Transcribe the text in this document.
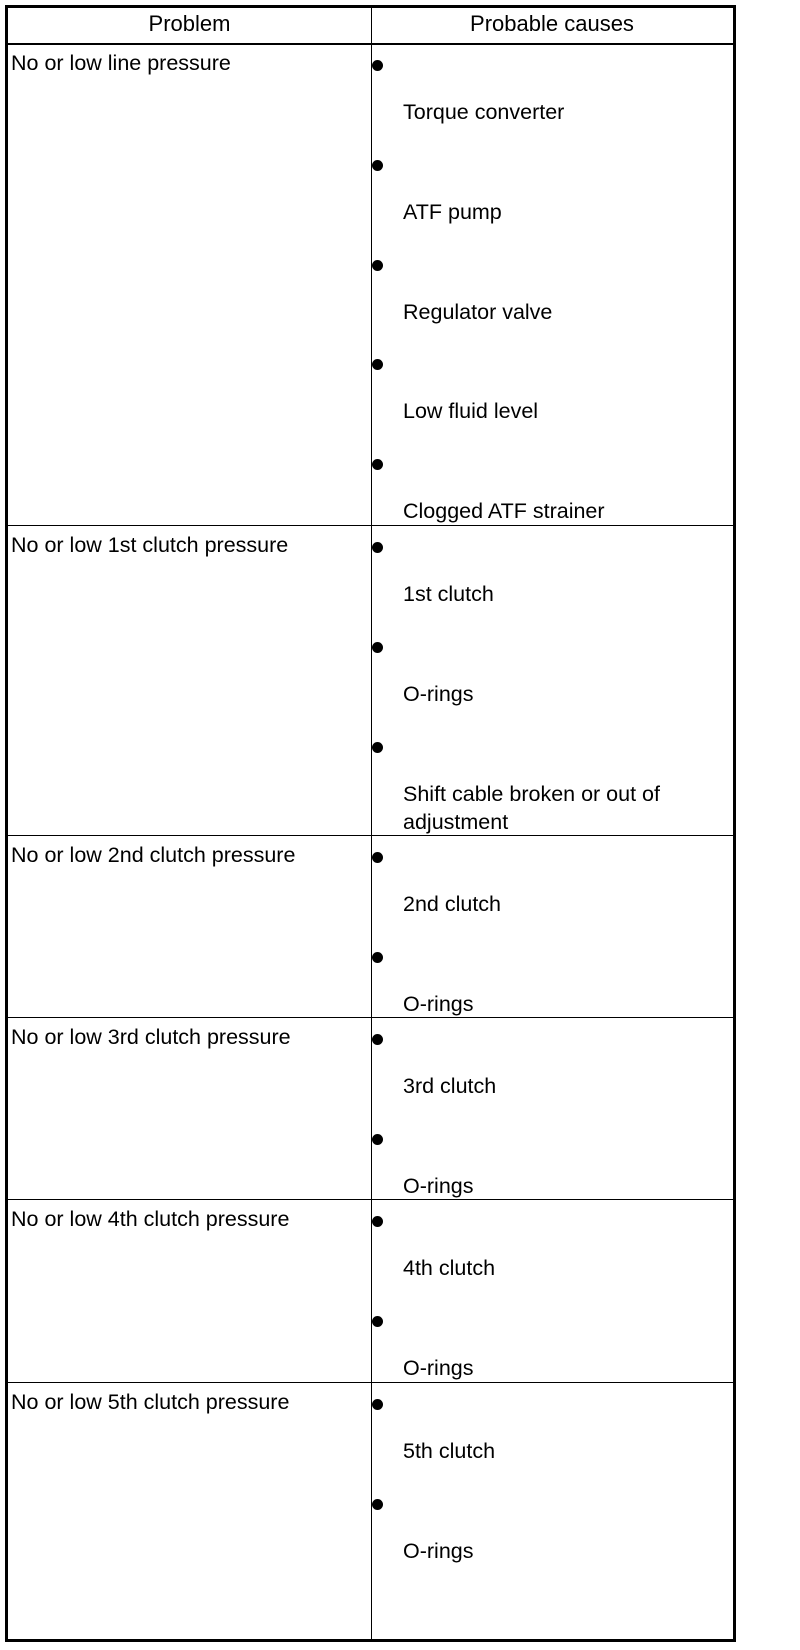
Problem	Probable causes
No or low line pressure
Torque converter
ATF pump
Regulator valve
Low fluid level
Clogged ATF strainer
No or low 1st clutch pressure
1st clutch
O-rings
Shift cable broken or out of adjustment
No or low 2nd clutch pressure
2nd clutch
O-rings
No or low 3rd clutch pressure
3rd clutch
O-rings
No or low 4th clutch pressure
4th clutch
O-rings
No or low 5th clutch pressure
5th clutch
O-rings
